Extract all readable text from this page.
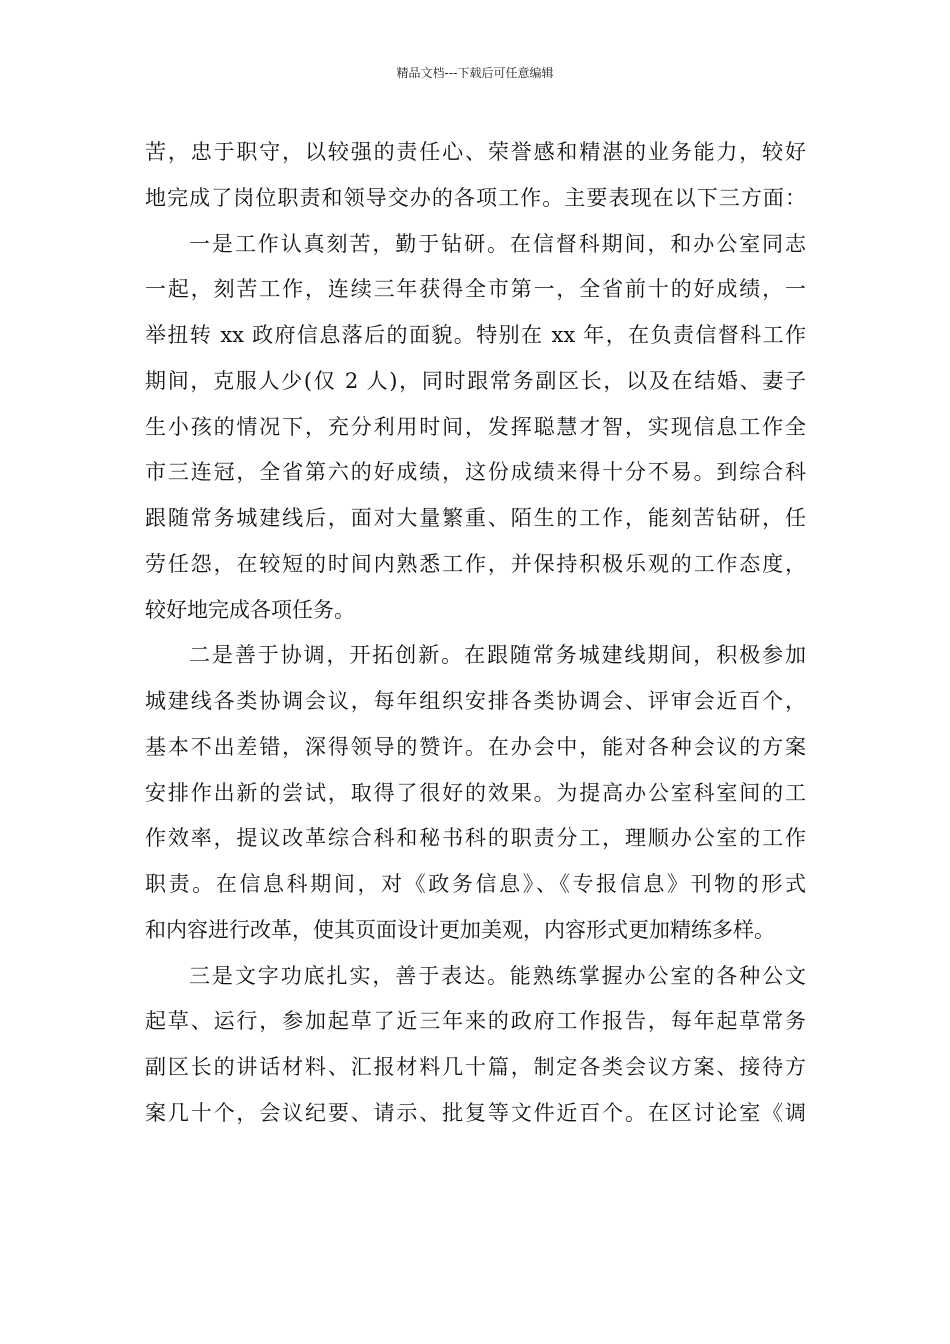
精品文档---下载后可任意编辑
苦，忠于职守，以较强的责任心、荣誉感和精湛的业务能力，较好
地完成了岗位职责和领导交办的各项工作。主要表现在以下三方面：
一是工作认真刻苦，勤于钻研。在信督科期间，和办公室同志
一起，刻苦工作，连续三年获得全市第一，全省前十的好成绩，一
举扭转 xx 政府信息落后的面貌。特别在 xx 年，在负责信督科工作
期间，克服人少(仅 2 人)，同时跟常务副区长，以及在结婚、妻子
生小孩的情况下，充分利用时间，发挥聪慧才智，实现信息工作全
市三连冠，全省第六的好成绩，这份成绩来得十分不易。到综合科
跟随常务城建线后，面对大量繁重、陌生的工作，能刻苦钻研，任
劳任怨，在较短的时间内熟悉工作，并保持积极乐观的工作态度，
较好地完成各项任务。
二是善于协调，开拓创新。在跟随常务城建线期间，积极参加
城建线各类协调会议，每年组织安排各类协调会、评审会近百个，
基本不出差错，深得领导的赞许。在办会中，能对各种会议的方案
安排作出新的尝试，取得了很好的效果。为提高办公室科室间的工
作效率，提议改革综合科和秘书科的职责分工，理顺办公室的工作
职责。在信息科期间，对《政务信息》、《专报信息》刊物的形式
和内容进行改革，使其页面设计更加美观，内容形式更加精练多样。
三是文字功底扎实，善于表达。能熟练掌握办公室的各种公文
起草、运行，参加起草了近三年来的政府工作报告，每年起草常务
副区长的讲话材料、汇报材料几十篇，制定各类会议方案、接待方
案几十个，会议纪要、请示、批复等文件近百个。在区讨论室《调
